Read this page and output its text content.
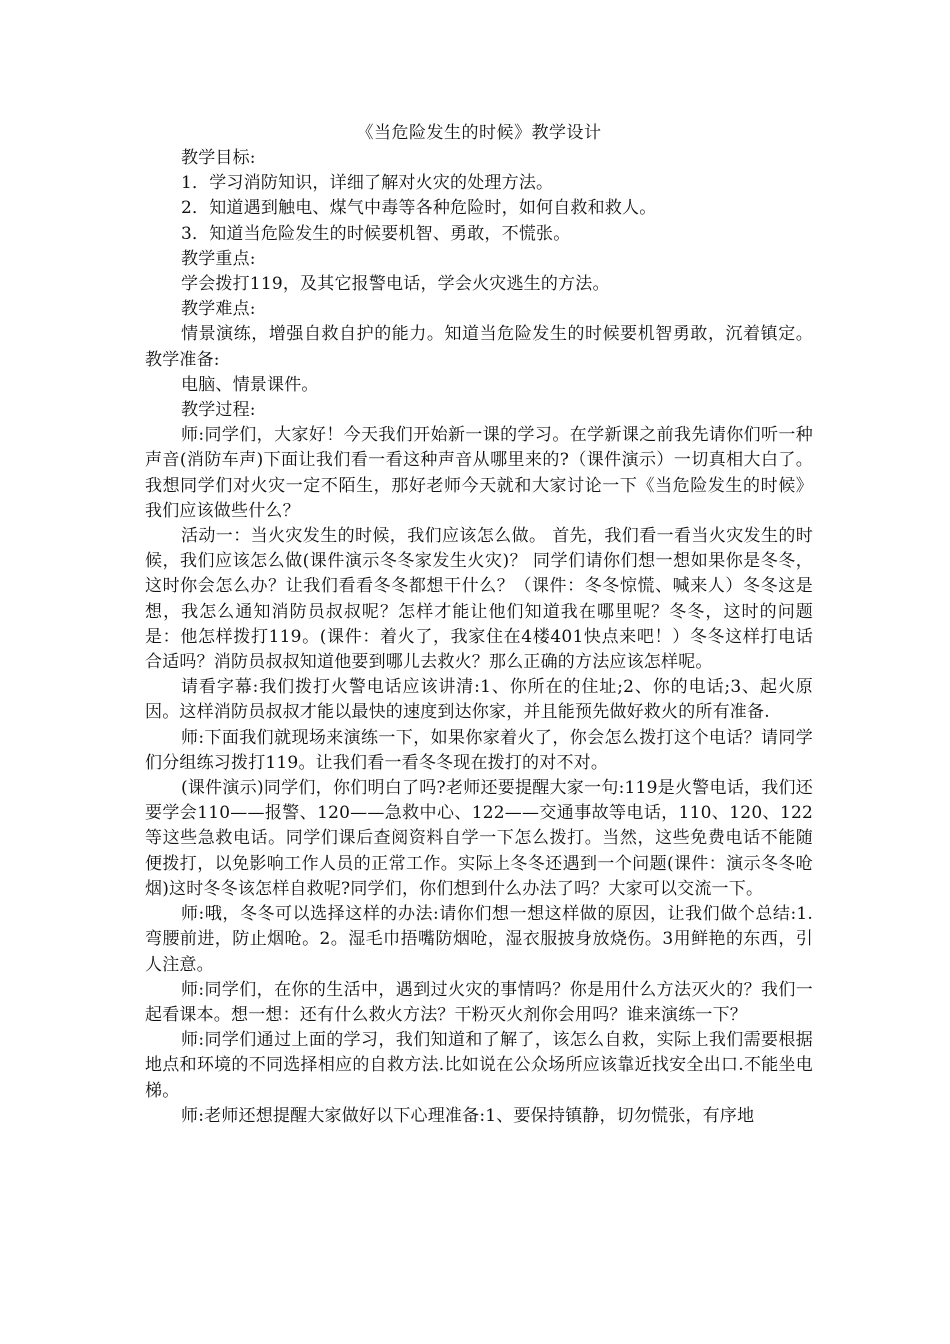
《当危险发生的时候》教学设计

教学目标:

1．学习消防知识，详细了解对火灾的处理方法。

2．知道遇到触电、煤气中毒等各种危险时，如何自救和救人。

3．知道当危险发生的时候要机智、勇敢，不慌张。

教学重点:

学会拨打119，及其它报警电话，学会火灾逃生的方法。

教学难点:

情景演练，增强自救自护的能力。知道当危险发生的时候要机智勇敢，沉着镇定。 教学准备:

电脑、情景课件。

教学过程:

师:同学们，大家好！今天我们开始新一课的学习。在学新课之前我先请你们听一种声音(消防车声)下面让我们看一看这种声音从哪里来的?（课件演示）一切真相大白了。我想同学们对火灾一定不陌生，那好老师今天就和大家讨论一下《当危险发生的时候》我们应该做些什么？

活动一：当火灾发生的时候，我们应该怎么做。 首先，我们看一看当火灾发生的时候，我们应该怎么做(课件演示冬冬家发生火灾)？ 同学们请你们想一想如果你是冬冬，这时你会怎么办？让我们看看冬冬都想干什么？（课件：冬冬惊慌、喊来人）冬冬这是想，我怎么通知消防员叔叔呢？怎样才能让他们知道我在哪里呢？冬冬，这时的问题是：他怎样拨打119。(课件：着火了，我家住在4楼401快点来吧！）冬冬这样打电话合适吗？消防员叔叔知道他要到哪儿去救火？那么正确的方法应该怎样呢。

请看字幕:我们拨打火警电话应该讲清:1、你所在的住址;2、你的电话;3、起火原因。这样消防员叔叔才能以最快的速度到达你家，并且能预先做好救火的所有准备.

师:下面我们就现场来演练一下，如果你家着火了，你会怎么拨打这个电话？请同学们分组练习拨打119。让我们看一看冬冬现在拨打的对不对。

(课件演示)同学们，你们明白了吗?老师还要提醒大家一句:119是火警电话，我们还要学会110——报警、120——急救中心、122——交通事故等电话，110、120、122等这些急救电话。同学们课后查阅资料自学一下怎么拨打。当然，这些免费电话不能随便拨打，以免影响工作人员的正常工作。实际上冬冬还遇到一个问题(课件：演示冬冬呛烟)这时冬冬该怎样自救呢?同学们，你们想到什么办法了吗？大家可以交流一下。

师:哦，冬冬可以选择这样的办法:请你们想一想这样做的原因，让我们做个总结:1.弯腰前进，防止烟呛。2。湿毛巾捂嘴防烟呛，湿衣服披身放烧伤。3用鲜艳的东西，引人注意。

师:同学们，在你的生活中，遇到过火灾的事情吗？你是用什么方法灭火的？我们一起看课本。想一想：还有什么救火方法？干粉灭火剂你会用吗？谁来演练一下？

师:同学们通过上面的学习，我们知道和了解了，该怎么自救，实际上我们需要根据地点和环境的不同选择相应的自救方法.比如说在公众场所应该靠近找安全出口.不能坐电梯。

师:老师还想提醒大家做好以下心理准备:1、要保持镇静，切勿慌张，有序地
